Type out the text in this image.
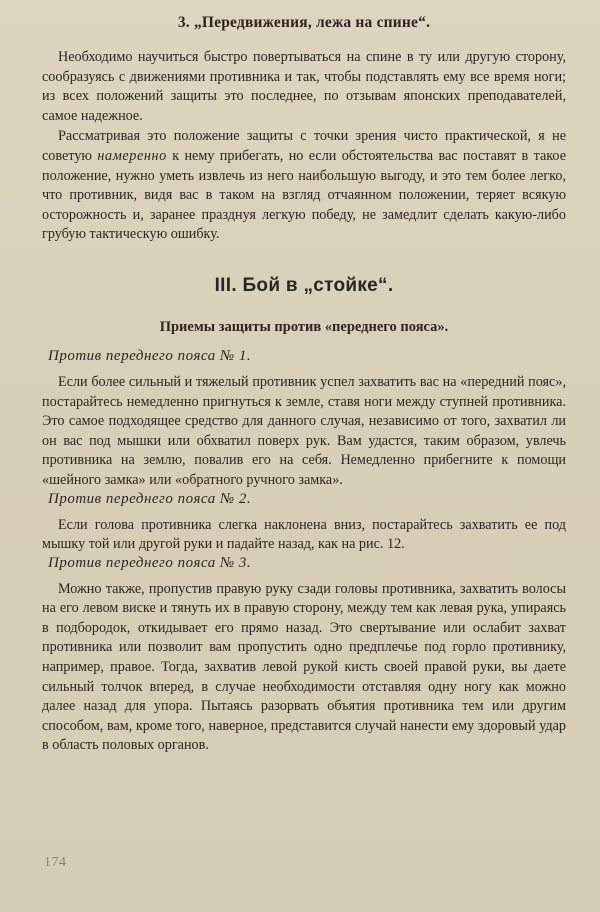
3. „Передвижения, лежа на спине“.

Необходимо научиться быстро повертываться на спине в ту или другую сторону, сообразуясь с движениями противника и так, чтобы подставлять ему все время ноги; из всех положений защиты это последнее, по отзывам японских преподавателей, самое надежное.

Рассматривая это положение защиты с точки зрения чисто практической, я не советую намеренно к нему прибегать, но если обстоятельства вас поставят в такое положение, нужно уметь извлечь из него наибольшую выгоду, и это тем более легко, что противник, видя вас в таком на взгляд отчаянном положении, теряет всякую осторожность и, заранее празднуя легкую победу, не замедлит сделать какую-либо грубую тактическую ошибку.

III. Бой в „стойке“.
Приемы защиты против «переднего пояса».
Против переднего пояса № 1.

Если более сильный и тяжелый противник успел захватить вас на «передний пояс», постарайтесь немедленно пригнуться к земле, ставя ноги между ступней противника. Это самое подходящее средство для данного случая, независимо от того, захватил ли он вас под мышки или обхватил поверх рук. Вам удастся, таким образом, увлечь противника на землю, повалив его на себя. Немедленно прибегните к помощи «шейного замка» или «обратного ручного замка».

Против переднего пояса № 2.

Если голова противника слегка наклонена вниз, постарайтесь захватить ее под мышку той или другой руки и падайте назад, как на рис. 12.

Против переднего пояса № 3.

Можно также, пропустив правую руку сзади головы противника, захватить волосы на его левом виске и тянуть их в правую сторону, между тем как левая рука, упираясь в подбородок, откидывает его прямо назад. Это свертывание или ослабит захват противника или позволит вам пропустить одно предплечье под горло противнику, например, правое. Тогда, захватив левой рукой кисть своей правой руки, вы даете сильный толчок вперед, в случае необходимости отставляя одну ногу как можно далее назад для упора. Пытаясь разорвать объятия противника тем или другим способом, вам, кроме того, наверное, представится случай нанести ему здоровый удар в область половых органов.

174
